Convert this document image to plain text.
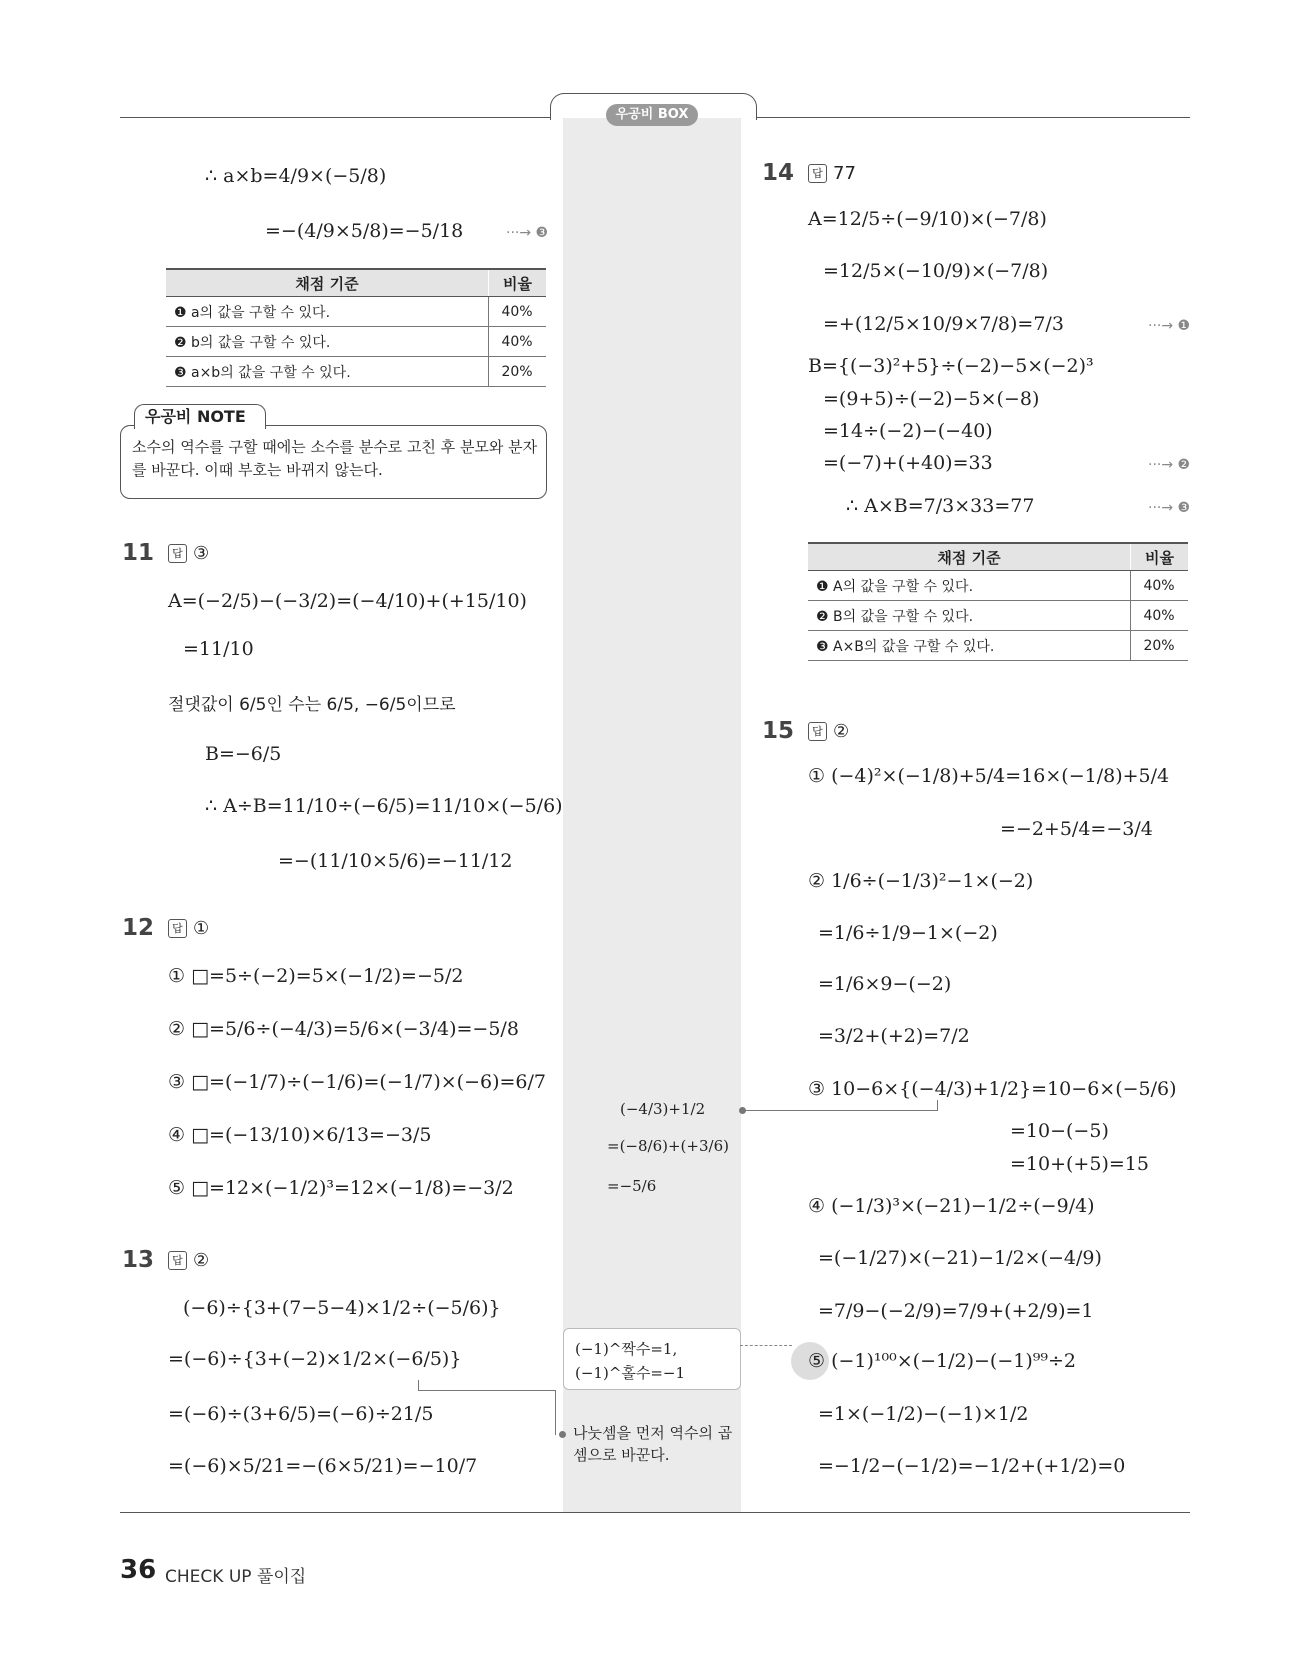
우공비 BOX
∴ a×b=4/9×(−5/8)
=−(4/9×5/8)=−5/18	···→ ❸
채점 기준	비율
❶ a의 값을 구할 수 있다.	40%
❷ b의 값을 구할 수 있다.	40%
❸ a×b의 값을 구할 수 있다.	20%
우공비 NOTE
소수의 역수를 구할 때에는 소수를 분수로 고친 후 분모와 분자를 바꾼다. 이때 부호는 바뀌지 않는다.
11	답 ③
A=(−2/5)−(−3/2)=(−4/10)+(+15/10)
=11/10
절댓값이 6/5인 수는 6/5, −6/5이므로
B=−6/5
∴ A÷B=11/10÷(−6/5)=11/10×(−5/6)
=−(11/10×5/6)=−11/12
12	답 ①
① □=5÷(−2)=5×(−1/2)=−5/2
② □=5/6÷(−4/3)=5/6×(−3/4)=−5/8
③ □=(−1/7)÷(−1/6)=(−1/7)×(−6)=6/7
④ □=(−13/10)×6/13=−3/5
⑤ □=12×(−1/2)³=12×(−1/8)=−3/2
13	답 ②
(−6)÷{3+(7−5−4)×1/2÷(−5/6)}
=(−6)÷{3+(−2)×1/2×(−6/5)}
=(−6)÷(3+6/5)=(−6)÷21/5
=(−6)×5/21=−(6×5/21)=−10/7
(−4/3)+1/2
=(−8/6)+(+3/6)
=−5/6
(−1)^짝수=1,
(−1)^홀수=−1
나눗셈을 먼저 역수의 곱셈으로 바꾼다.
14	답 77
A=12/5÷(−9/10)×(−7/8)
=12/5×(−10/9)×(−7/8)
=+(12/5×10/9×7/8)=7/3	···→ ❶
B={(−3)²+5}÷(−2)−5×(−2)³
=(9+5)÷(−2)−5×(−8)
=14÷(−2)−(−40)
=(−7)+(+40)=33	···→ ❷
∴ A×B=7/3×33=77	···→ ❸
채점 기준	비율
❶ A의 값을 구할 수 있다.	40%
❷ B의 값을 구할 수 있다.	40%
❸ A×B의 값을 구할 수 있다.	20%
15	답 ②
① (−4)²×(−1/8)+5/4=16×(−1/8)+5/4
=−2+5/4=−3/4
② 1/6÷(−1/3)²−1×(−2)
=1/6÷1/9−1×(−2)
=1/6×9−(−2)
=3/2+(+2)=7/2
③ 10−6×{(−4/3)+1/2}=10−6×(−5/6)
=10−(−5)
=10+(+5)=15
④ (−1/3)³×(−21)−1/2÷(−9/4)
=(−1/27)×(−21)−1/2×(−4/9)
=7/9−(−2/9)=7/9+(+2/9)=1
⑤ (−1)¹⁰⁰×(−1/2)−(−1)⁹⁹÷2
=1×(−1/2)−(−1)×1/2
=−1/2−(−1/2)=−1/2+(+1/2)=0
36 CHECK UP 풀이집
